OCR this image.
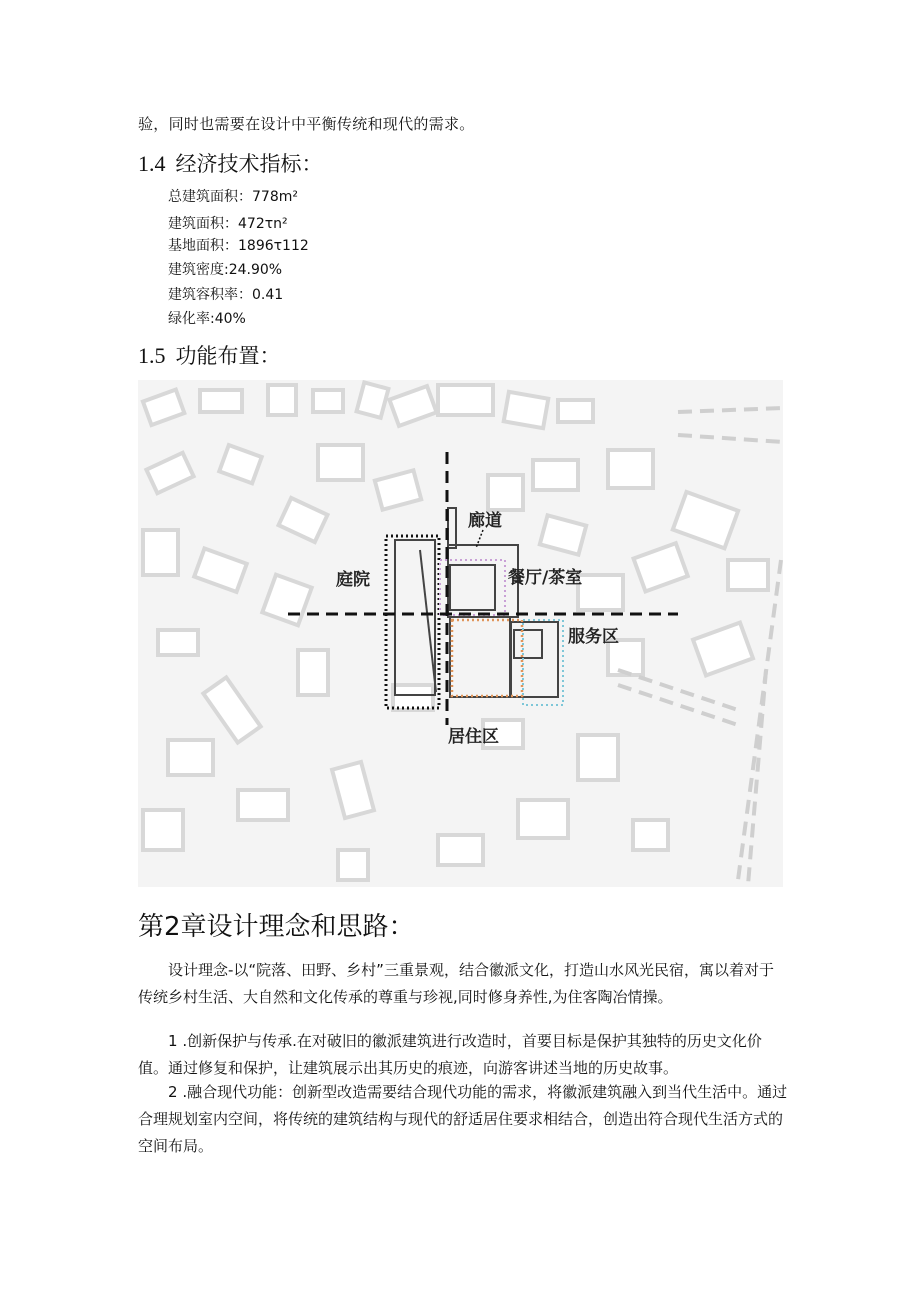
验，同时也需要在设计中平衡传统和现代的需求。
1.4 经济技术指标：
总建筑面积：778m²
建筑面积：472τn²
基地面积：1896τ112
建筑密度:24.90%
建筑容积率：0.41
绿化率:40%
1.5 功能布置：
廊道
庭院	餐厅/茶室
服务区
居住区
第2章设计理念和思路：
设计理念-以“院落、田野、乡村”三重景观，结合徽派文化，打造山水风光民宿，寓以着对于传统乡村生活、大自然和文化传承的尊重与珍视,同时修身养性,为住客陶冶情操。
1 .创新保护与传承.在对破旧的徽派建筑进行改造时，首要目标是保护其独特的历史文化价值。通过修复和保护，让建筑展示出其历史的痕迹，向游客讲述当地的历史故事。
2 .融合现代功能：创新型改造需要结合现代功能的需求，将徽派建筑融入到当代生活中。通过合理规划室内空间，将传统的建筑结构与现代的舒适居住要求相结合，创造出符合现代生活方式的空间布局。
